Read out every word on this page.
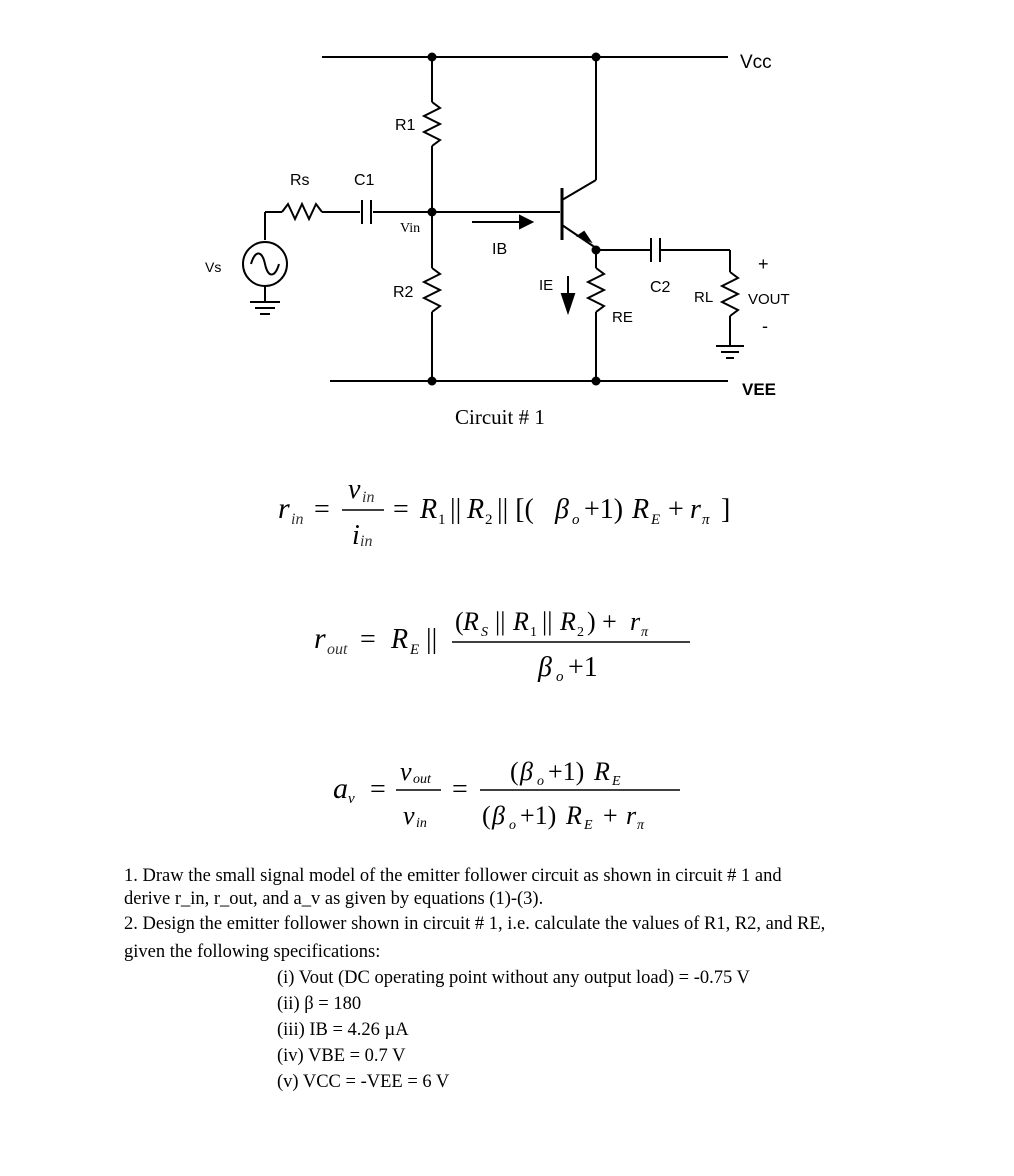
Vcc
VEE
R1
R2
Rs	C1
Vin
IB
IE
RE
C2
RL
Vs	+
VOUT
-
Circuit # 1
r in =
v in
i in
= R 1 || R 2 || [( β o +1) R E + r π ]
r out = R E ||
( R S || R 1 || R 2 ) + r π
β o +1
a v =
v out
v in
=
( β o +1) R E
( β o +1) R E + r π
1. Draw the small signal model of the emitter follower circuit as shown in circuit # 1 and
derive r_in, r_out, and a_v as given by equations (1)-(3).
2. Design the emitter follower shown in circuit # 1, i.e. calculate the values of R1, R2, and RE,
given the following specifications:
(i) Vout (DC operating point without any output load) = -0.75 V
(ii) β = 180
(iii) IB = 4.26 µA
(iv) VBE = 0.7 V
(v) VCC = -VEE = 6 V
